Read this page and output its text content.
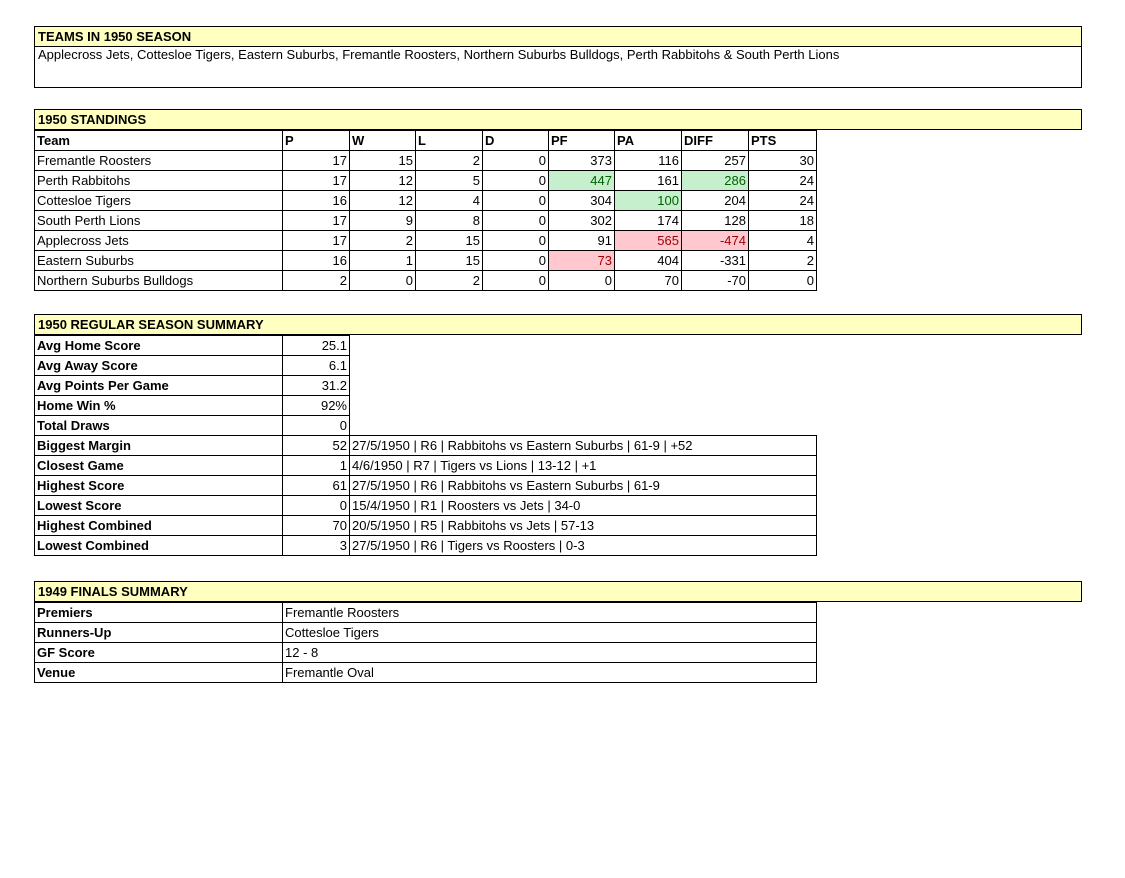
TEAMS IN 1950 SEASON
Applecross Jets, Cottesloe Tigers, Eastern Suburbs, Fremantle Roosters, Northern Suburbs Bulldogs, Perth Rabbitohs & South Perth Lions
1950 STANDINGS
Team	P	W	L	D	PF	PA	DIFF	PTS
Fremantle Roosters	17	15	2	0	373	116	257	30
Perth Rabbitohs	17	12	5	0	447	161	286	24
Cottesloe Tigers	16	12	4	0	304	100	204	24
South Perth Lions	17	9	8	0	302	174	128	18
Applecross Jets	17	2	15	0	91	565	-474	4
Eastern Suburbs	16	1	15	0	73	404	-331	2
Northern Suburbs Bulldogs	2	0	2	0	0	70	-70	0
1950 REGULAR SEASON SUMMARY
Avg Home Score	25.1	
Avg Away Score	6.1	
Avg Points Per Game	31.2	
Home Win %	92%	
Total Draws	0	
Biggest Margin	52	27/5/1950 | R6 | Rabbitohs vs Eastern Suburbs | 61-9 | +52
Closest Game	1	4/6/1950 | R7 | Tigers vs Lions | 13-12 | +1
Highest Score	61	27/5/1950 | R6 | Rabbitohs vs Eastern Suburbs | 61-9
Lowest Score	0	15/4/1950 | R1 | Roosters vs Jets | 34-0
Highest Combined	70	20/5/1950 | R5 | Rabbitohs vs Jets | 57-13
Lowest Combined	3	27/5/1950 | R6 | Tigers vs Roosters | 0-3
1949 FINALS SUMMARY
Premiers	Fremantle Roosters
Runners-Up	Cottesloe Tigers
GF Score	12 - 8
Venue	Fremantle Oval
